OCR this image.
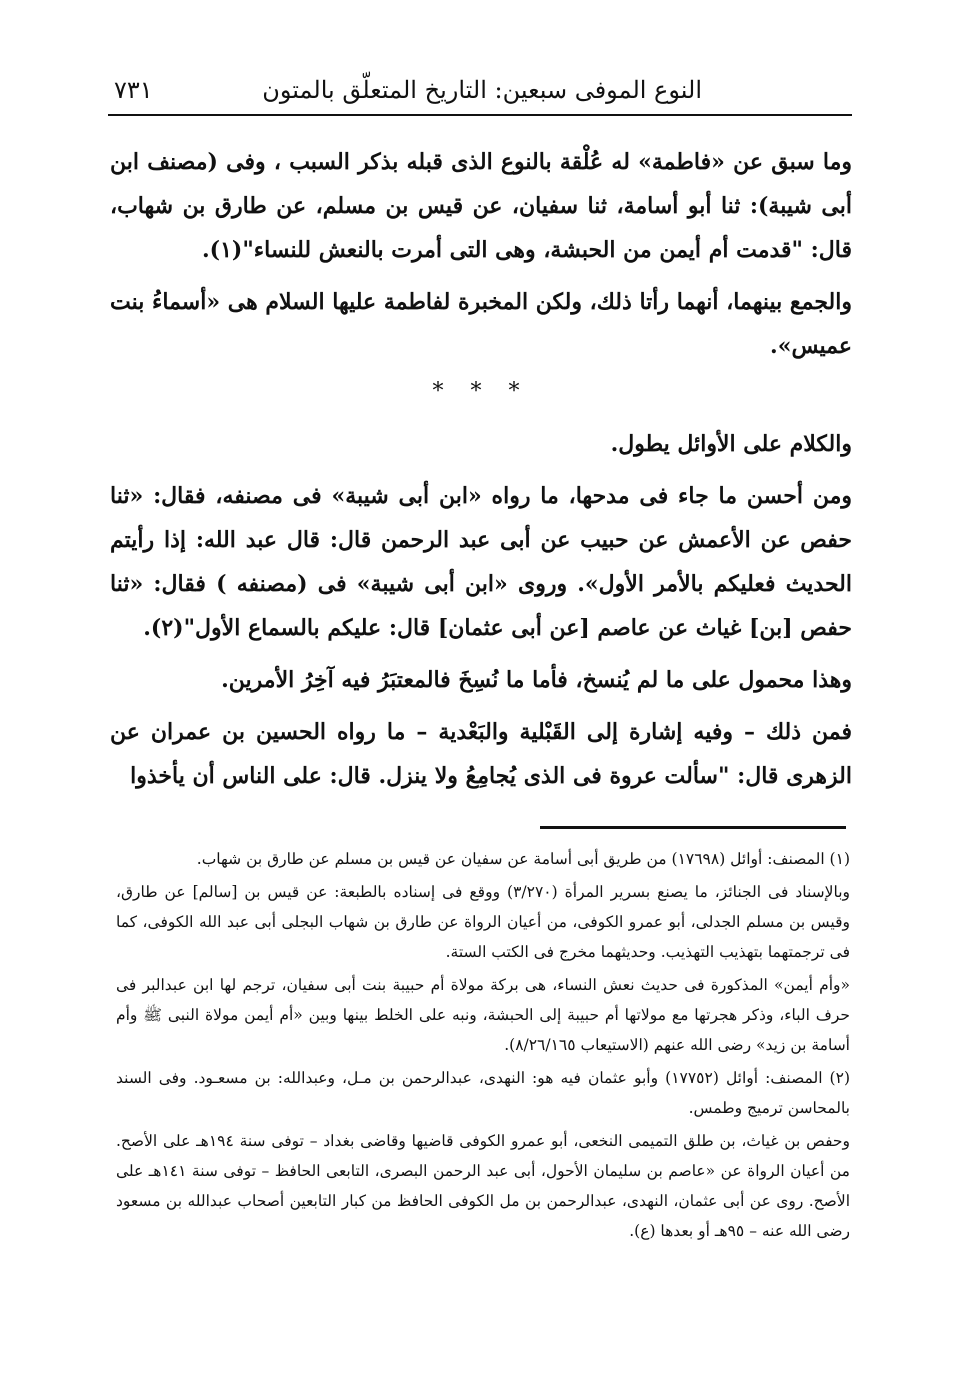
النوع الموفى سبعين: التاريخ المتعلّق بالمتون
٧٣١

وما سبق عن «فاطمة» له عُلْقة بالنوع الذى قبله بذكر السبب ، وفى (مصنف ابن أبى شيبة): ثنا أبو أسامة، ثنا سفيان، عن قيس بن مسلم، عن طارق بن شهاب، قال: "قدمت أم أيمن من الحبشة، وهى التى أمرت بالنعش للنساء"(١).

والجمع بينهما، أنهما رأتا ذلك، ولكن المخبرة لفاطمة عليها السلام هى «أسماءُ بنت عميس».

* * *

والكلام على الأوائل يطول.

ومن أحسن ما جاء فى مدحها، ما رواه «ابن أبى شيبة» فى مصنفه، فقال: «ثنا حفص عن الأعمش عن حبيب عن أبى عبد الرحمن قال: قال عبد الله: إذا رأيتم الحديث فعليكم بالأمر الأول». وروى «ابن أبى شيبة» فى (مصنفه ) فقال: «ثنا حفص [بن] غياث عن عاصم [عن أبى عثمان] قال: عليكم بالسماع الأول"(٢).

وهذا محمول على ما لم يُنسخ، فأما ما نُسِخَ فالمعتبَرُ فيه آخِرُ الأمرين.

فمن ذلك – وفيه إشارة إلى القَبْلية والبَعْدية – ما رواه الحسين بن عمران عن الزهرى قال: "سألت عروة فى الذى يُجامِعُ ولا ينزل. قال: على الناس أن يأخذوا

(١) المصنف: أوائل (١٧٦٩٨) من طريق أبى أسامة عن سفيان عن قيس بن مسلم عن طارق بن شهاب.

وبالإسناد فى الجنائز، ما يصنع بسرير المرأة (٣/٢٧٠) ووقع فى إسناده بالطبعة: عن قيس بن [سالم] عن طارق، وقيس بن مسلم الجدلى، أبو عمرو الكوفى، من أعيان الرواة عن طارق بن شهاب البجلى أبى عبد الله الكوفى، كما فى ترجمتهما بتهذيب التهذيب. وحديثهما مخرج فى الكتب الستة.

«وأم أيمن» المذكورة فى حديث نعش النساء، هى بركة مولاة أم حبيبة بنت أبى سفيان، ترجم لها ابن عبدالبر فى حرف الباء، وذكر هجرتها مع مولاتها أم حبيبة إلى الحبشة، ونبه على الخلط بينها وبين «أم أيمن مولاة النبى ﷺ وأم أسامة بن زيد» رضى الله عنهم (الاستيعاب ٨/٢٦/١٦٥).

(٢) المصنف: أوائل (١٧٧٥٢) وأبو عثمان فيه هو: النهدى، عبدالرحمن بن مـل، وعبدالله: بن مسعـود. وفى السند بالمحاسن ترميج وطمس.

وحفص بن غياث، بن طلق التميمى النخعى، أبو عمرو الكوفى قاضيها وقاضى بغداد – توفى سنة ١٩٤هـ على الأصح. من أعيان الرواة عن «عاصم بن سليمان الأحول، أبى عبد الرحمن البصرى، التابعى الحافظ – توفى سنة ١٤١هـ على الأصح. روى عن أبى عثمان، النهدى، عبدالرحمن بن مل الكوفى الحافظ من كبار التابعين أصحاب عبدالله بن مسعود رضى الله عنه – ٩٥هـ أو بعدها (ع).
